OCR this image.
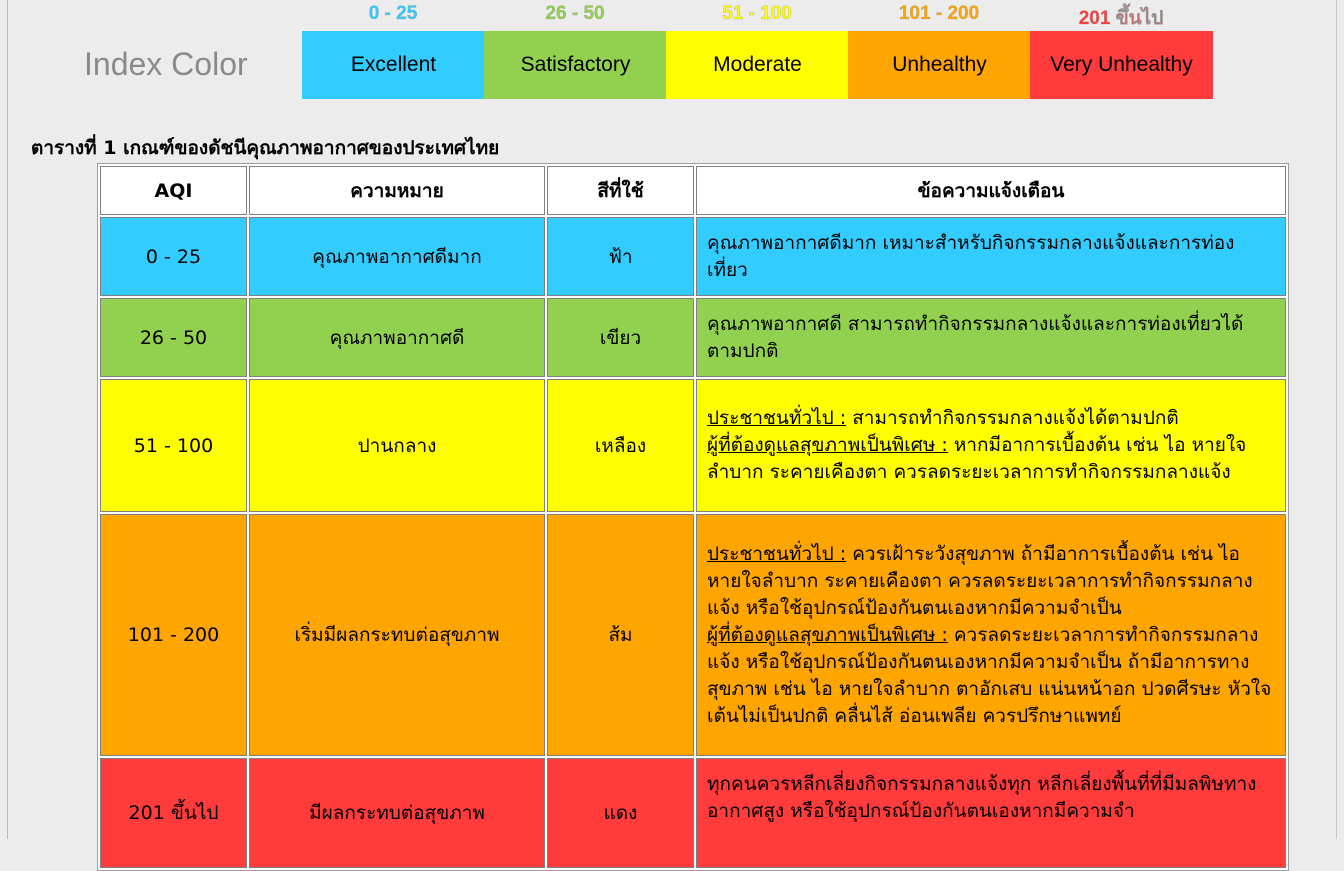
Index Color
0 - 25	26 - 50	51 - 100	101 - 200	201 ขึ้นไป
Excellent	Satisfactory	Moderate	Unhealthy	Very Unhealthy
ตารางที่ 1 เกณฑ์ของดัชนีคุณภาพอากาศของประเทศไทย
AQI	ความหมาย	สีที่ใช้	ข้อความแจ้งเตือน
0 - 25	คุณภาพอากาศดีมาก	ฟ้า	คุณภาพอากาศดีมาก เหมาะสำหรับกิจกรรมกลางแจ้งและการท่องเที่ยว

26 - 50	คุณภาพอากาศดี	เขียว	คุณภาพอากาศดี สามารถทำกิจกรรมกลางแจ้งและการท่องเที่ยวได้ตามปกติ

51 - 100	ปานกลาง	เหลือง	ประชาชนทั่วไป : สามารถทำกิจกรรมกลางแจ้งได้ตามปกติ
ผู้ที่ต้องดูแลสุขภาพเป็นพิเศษ : หากมีอาการเบื้องต้น เช่น ไอ หายใจลำบาก ระคายเคืองตา ควรลดระยะเวลาการทำกิจกรรมกลางแจ้ง

101 - 200	เริ่มมีผลกระทบต่อสุขภาพ	ส้ม	ประชาชนทั่วไป : ควรเฝ้าระวังสุขภาพ ถ้ามีอาการเบื้องต้น เช่น ไอ หายใจลำบาก ระคายเคืองตา ควรลดระยะเวลาการทำกิจกรรมกลางแจ้ง หรือใช้อุปกรณ์ป้องกันตนเองหากมีความจำเป็น
ผู้ที่ต้องดูแลสุขภาพเป็นพิเศษ : ควรลดระยะเวลาการทำกิจกรรมกลางแจ้ง หรือใช้อุปกรณ์ป้องกันตนเองหากมีความจำเป็น ถ้ามีอาการทางสุขภาพ เช่น ไอ หายใจลำบาก ตาอักเสบ แน่นหน้าอก ปวดศีรษะ หัวใจเต้นไม่เป็นปกติ คลื่นไส้ อ่อนเพลีย ควรปรึกษาแพทย์

201 ขึ้นไป	มีผลกระทบต่อสุขภาพ	แดง	ทุกคนควรหลีกเลี่ยงกิจกรรมกลางแจ้งทุก หลีกเลี่ยงพื้นที่ที่มีมลพิษทางอากาศสูง หรือใช้อุปกรณ์ป้องกันตนเองหากมีความจำ
